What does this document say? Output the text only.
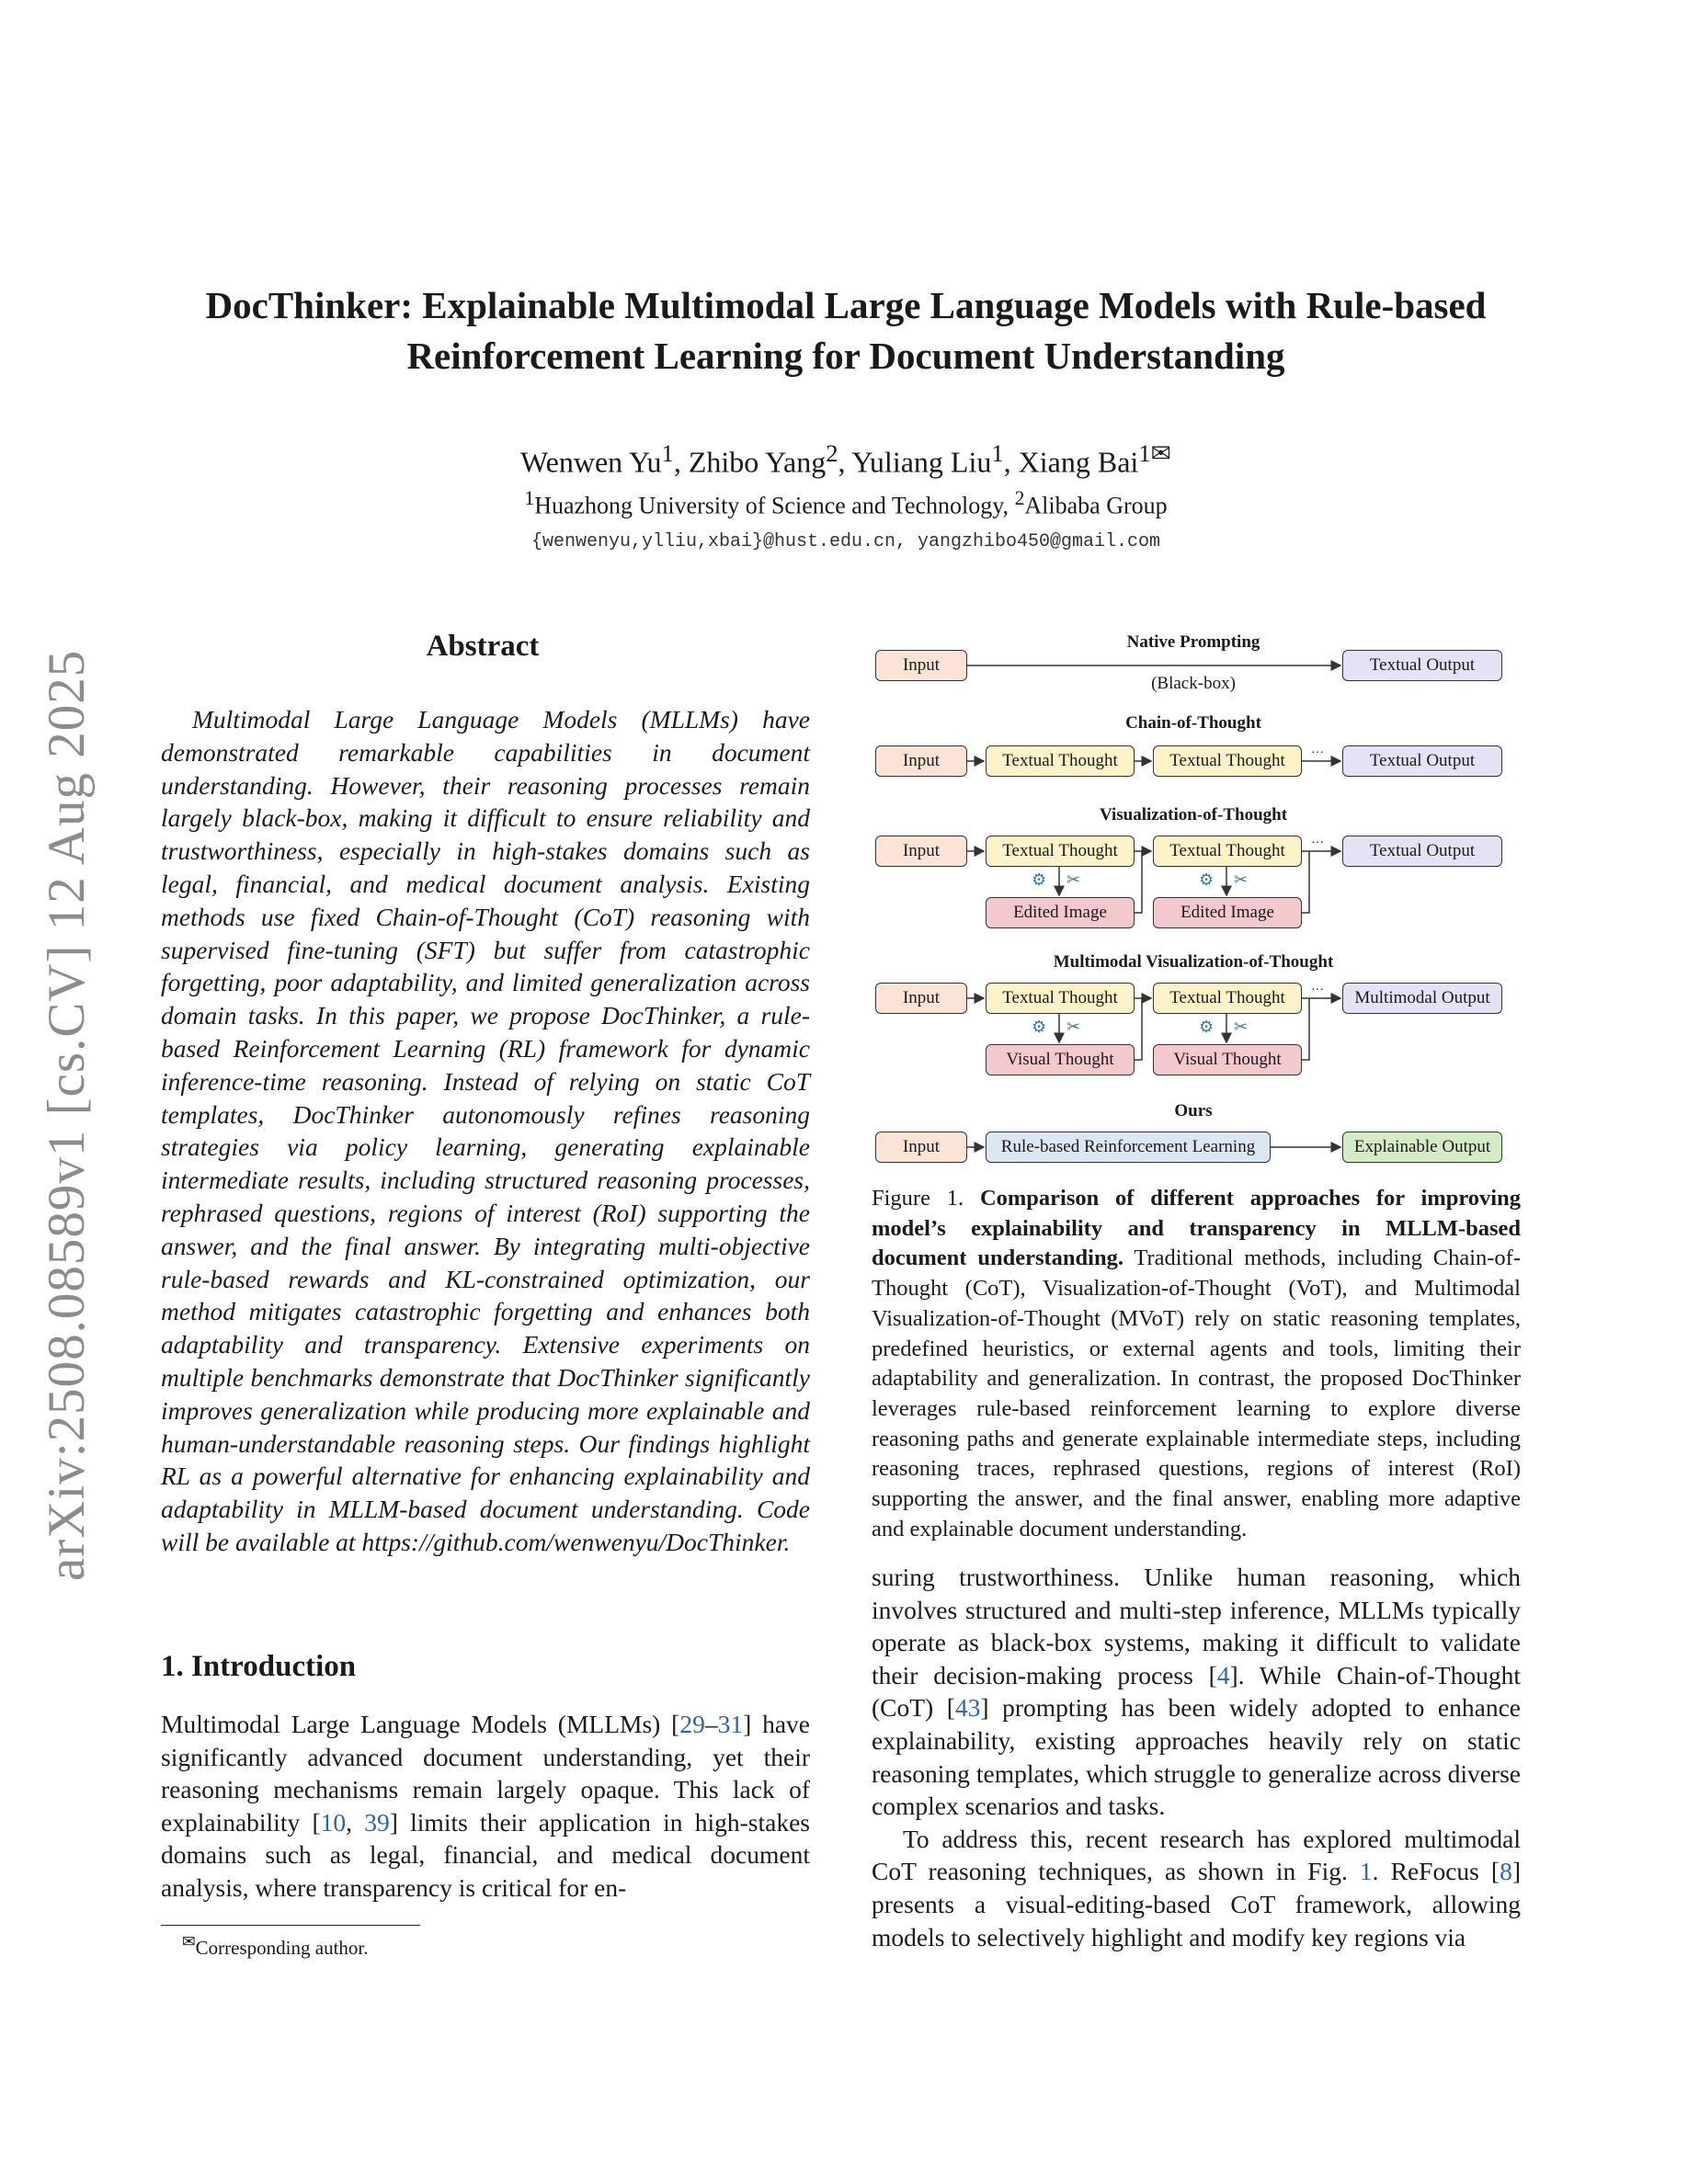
DocThinker: Explainable Multimodal Large Language Models with Rule-based
Reinforcement Learning for Document Understanding
Wenwen Yu$^1$, Zhibo Yang$^2$, Yuliang Liu$^1$, Xiang Bai$^{1✉}$
$^1$Huazhong University of Science and Technology, $^2$Alibaba Group
{wenwenyu,ylliu,xbai}@hust.edu.cn, yangzhibo450@gmail.com
arXiv:2508.08589v1 [cs.CV] 12 Aug 2025
Abstract

Multimodal Large Language Models (MLLMs) have demonstrated remarkable capabilities in document understanding. However, their reasoning processes remain largely black-box, making it difficult to ensure reliability and trustworthiness, especially in high-stakes domains such as legal, financial, and medical document analysis. Existing methods use fixed Chain-of-Thought (CoT) reasoning with supervised fine-tuning (SFT) but suffer from catastrophic forgetting, poor adaptability, and limited generalization across domain tasks. In this paper, we propose DocThinker, a rule-based Reinforcement Learning (RL) framework for dynamic inference-time reasoning. Instead of relying on static CoT templates, DocThinker autonomously refines reasoning strategies via policy learning, generating explainable intermediate results, including structured reasoning processes, rephrased questions, regions of interest (RoI) supporting the answer, and the final answer. By integrating multi-objective rule-based rewards and KL-constrained optimization, our method mitigates catastrophic forgetting and enhances both adaptability and transparency. Extensive experiments on multiple benchmarks demonstrate that DocThinker significantly improves generalization while producing more explainable and human-understandable reasoning steps. Our findings highlight RL as a powerful alternative for enhancing explainability and adaptability in MLLM-based document understanding. Code will be available at https://github.com/wenwenyu/DocThinker.

1. Introduction

Multimodal Large Language Models (MLLMs) [29–31] have significantly advanced document understanding, yet their reasoning mechanisms remain largely opaque. This lack of explainability [10, 39] limits their application in high-stakes domains such as legal, financial, and medical document analysis, where transparency is critical for en-

✉Corresponding author.
Native Prompting
Input
(Black-box)
Textual Output
Chain-of-Thought
Input	Textual Thought	Textual Thought	···	Textual Output
Visualization-of-Thought
Input	Textual Thought	Textual Thought	···	Textual Output
⚙ ✂	⚙ ✂
Edited Image	Edited Image
Multimodal Visualization-of-Thought
Input	Textual Thought	Textual Thought	···	Multimodal Output
⚙ ✂	⚙ ✂
Visual Thought	Visual Thought
Ours
Input	Rule-based Reinforcement Learning	Explainable Output
Figure 1. Comparison of different approaches for improving model’s explainability and transparency in MLLM-based document understanding. Traditional methods, including Chain-of-Thought (CoT), Visualization-of-Thought (VoT), and Multimodal Visualization-of-Thought (MVoT) rely on static reasoning templates, predefined heuristics, or external agents and tools, limiting their adaptability and generalization. In contrast, the proposed DocThinker leverages rule-based reinforcement learning to explore diverse reasoning paths and generate explainable intermediate steps, including reasoning traces, rephrased questions, regions of interest (RoI) supporting the answer, and the final answer, enabling more adaptive and explainable document understanding.

suring trustworthiness. Unlike human reasoning, which involves structured and multi-step inference, MLLMs typically operate as black-box systems, making it difficult to validate their decision-making process [4]. While Chain-of-Thought (CoT) [43] prompting has been widely adopted to enhance explainability, existing approaches heavily rely on static reasoning templates, which struggle to generalize across diverse complex scenarios and tasks.

To address this, recent research has explored multimodal CoT reasoning techniques, as shown in Fig. 1. ReFocus [8] presents a visual-editing-based CoT framework, allowing models to selectively highlight and modify key regions via
